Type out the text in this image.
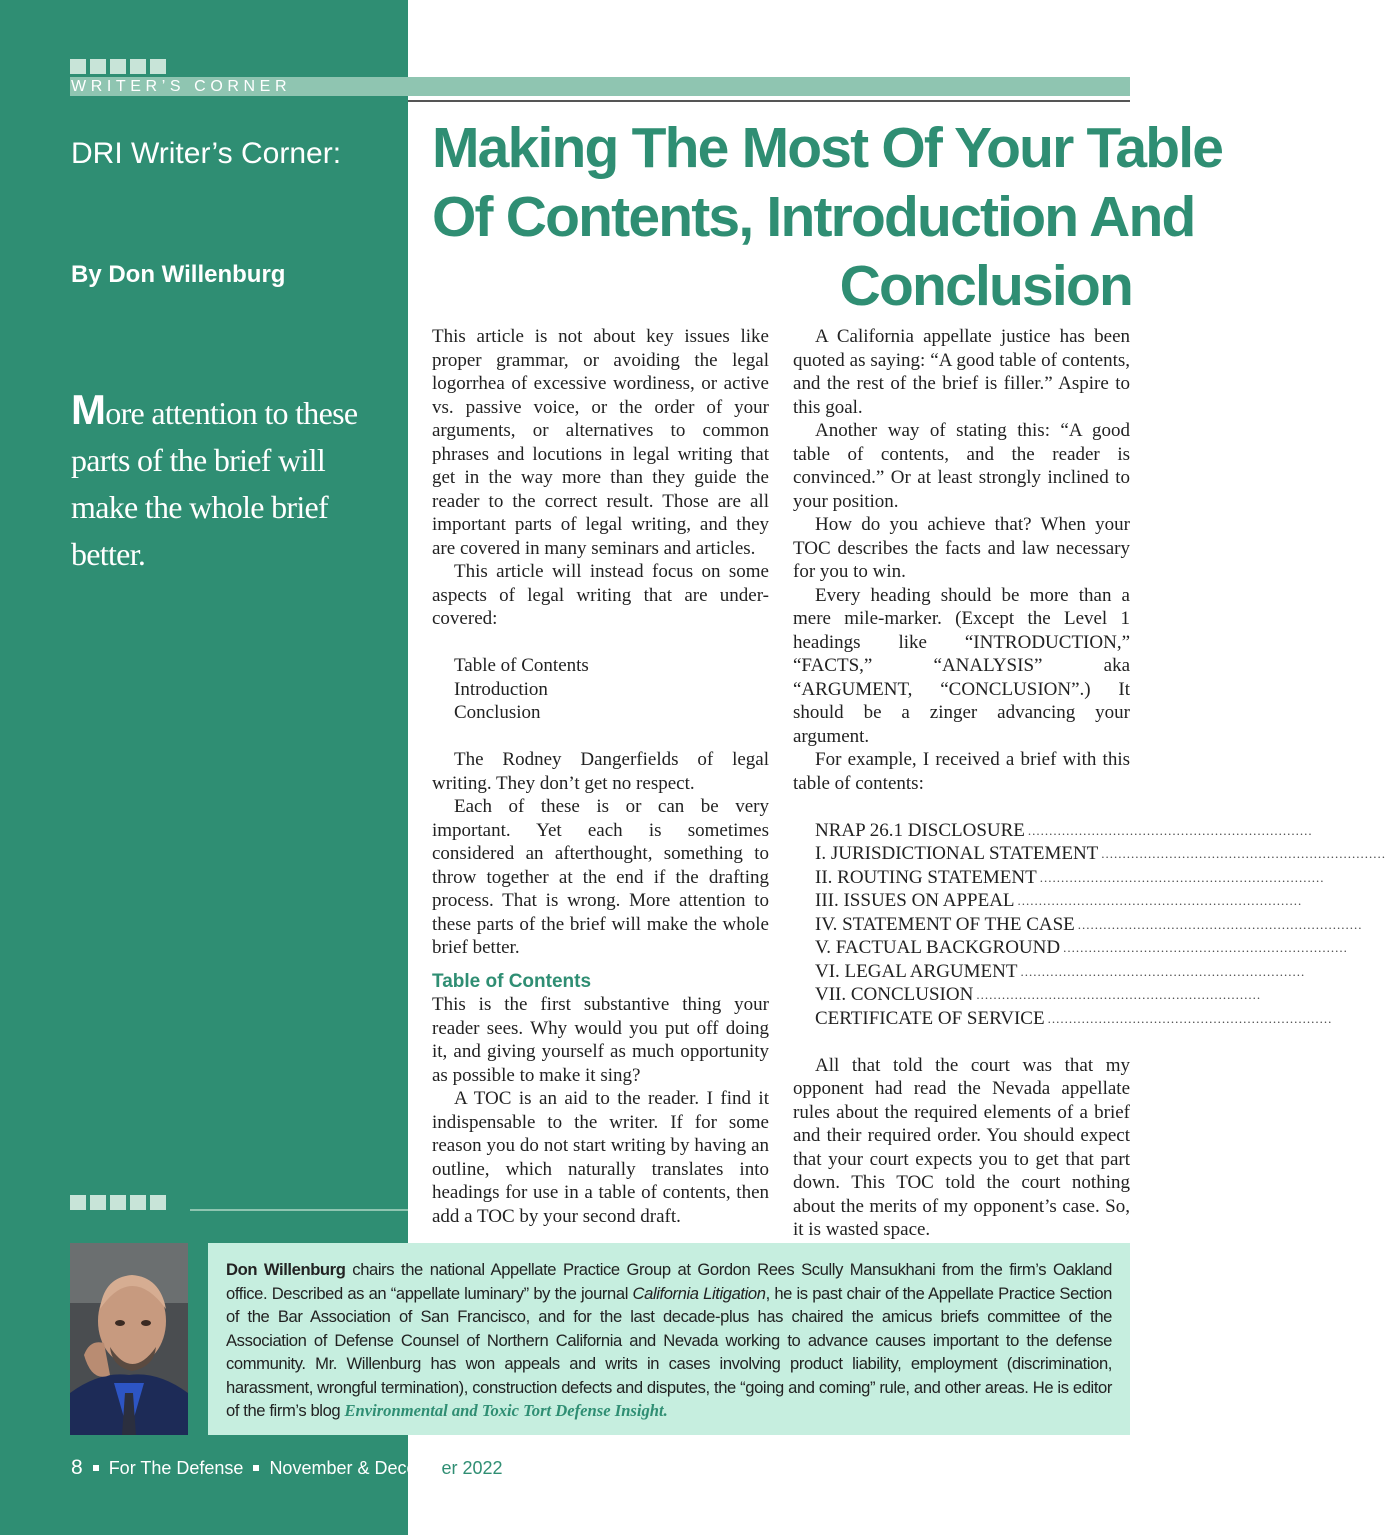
WRITER’S CORNER
DRI Writer’s Corner:
By Don Willenburg

More attention to these parts of the brief will make the whole brief better.

Making The Most Of Your Table
Of Contents, Introduction And
Conclusion

This article is not about key issues like proper grammar, or avoiding the legal logorrhea of excessive wordiness, or active vs. passive voice, or the order of your arguments, or alternatives to common phrases and locutions in legal writing that get in the way more than they guide the reader to the correct result. Those are all important parts of legal writing, and they are covered in many seminars and articles.

This article will instead focus on some aspects of legal writing that are under-covered:

Table of Contents
Introduction
Conclusion

The Rodney Dangerfields of legal writing. They don’t get no respect.

Each of these is or can be very important. Yet each is sometimes considered an afterthought, something to throw together at the end if the drafting process. That is wrong. More attention to these parts of the brief will make the whole brief better.

Table of Contents

This is the first substantive thing your reader sees. Why would you put off doing it, and giving yourself as much opportunity as possible to make it sing?

A TOC is an aid to the reader. I find it indispensable to the writer. If for some reason you do not start writing by having an outline, which naturally translates into headings for use in a table of contents, then add a TOC by your second draft.

A California appellate justice has been quoted as saying: “A good table of contents, and the rest of the brief is filler.” Aspire to this goal.

Another way of stating this: “A good table of contents, and the reader is convinced.” Or at least strongly inclined to your position.

How do you achieve that? When your TOC describes the facts and law necessary for you to win.

Every heading should be more than a mere mile-marker. (Except the Level 1 headings like “INTRODUCTION,” “FACTS,” “ANALYSIS” aka “ARGUMENT, “CONCLUSION”.) It should be a zinger advancing your argument.

For example, I received a brief with this table of contents:

NRAP 26.1 DISCLOSURE ...................................................................
I. JURISDICTIONAL STATEMENT ...................................................................
II. ROUTING STATEMENT ...................................................................
III. ISSUES ON APPEAL ...................................................................
IV. STATEMENT OF THE CASE ...................................................................
V. FACTUAL BACKGROUND ...................................................................
VI. LEGAL ARGUMENT ...................................................................
VII. CONCLUSION ...................................................................
CERTIFICATE OF SERVICE ...................................................................

All that told the court was that my opponent had read the Nevada appellate rules about the required elements of a brief and their required order. You should expect that your court expects you to get that part down. This TOC told the court nothing about the merits of my opponent’s case. So, it is wasted space.

Don Willenburg chairs the national Appellate Practice Group at Gordon Rees Scully Mansukhani from the firm’s Oakland office. Described as an “appellate luminary” by the journal California Litigation, he is past chair of the Appellate Practice Section of the Bar Association of San Francisco, and for the last decade-plus has chaired the amicus briefs committee of the Association of Defense Counsel of Northern California and Nevada working to advance causes important to the defense community. Mr. Willenburg has won appeals and writs in cases involving product liability, employment (discrimination, harassment, wrongful termination), construction defects and disputes, the “going and coming” rule, and other areas. He is editor of the firm’s blog Environmental and Toxic Tort Defense Insight.

8 For The Defense November & December 2022
